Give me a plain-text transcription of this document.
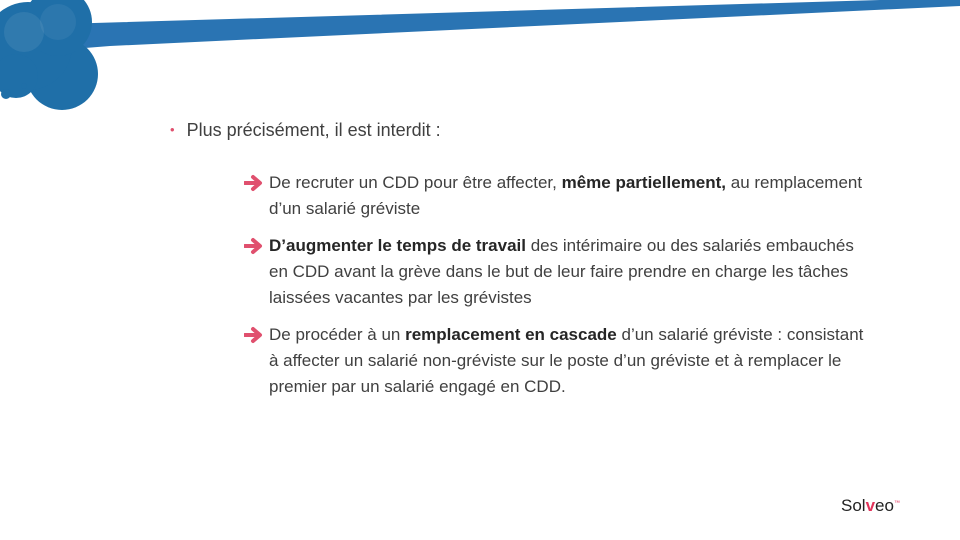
• Plus précisément, il est interdit :
De recruter un CDD pour être affecter, même partiellement, au remplacement d’un salarié gréviste
D’augmenter le temps de travail des intérimaire ou des salariés embauchés en CDD avant la grève dans le but de leur faire prendre en charge les tâches laissées vacantes par les grévistes
De procéder à un remplacement en cascade d’un salarié gréviste : consistant à affecter un salarié non-gréviste sur le poste d’un gréviste et à remplacer le premier par un salarié engagé en CDD.
Solveo™
